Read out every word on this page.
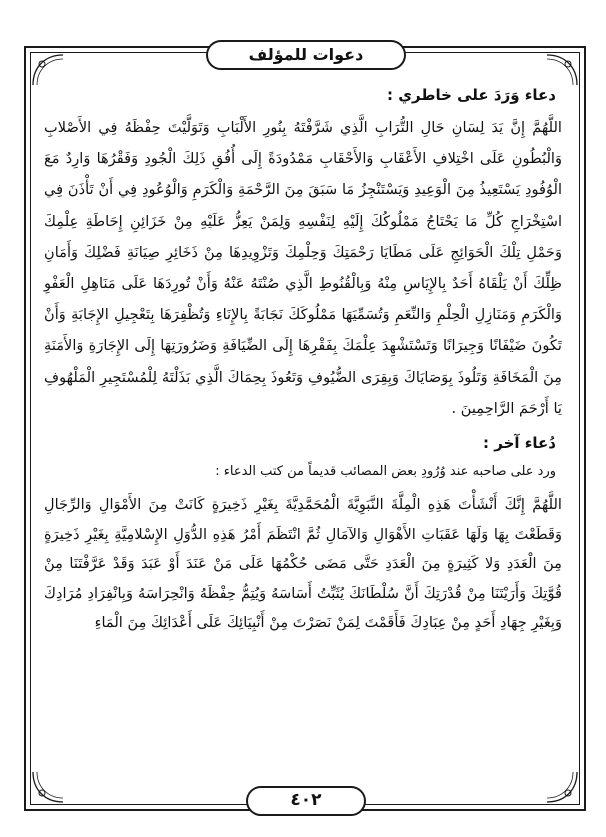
دعوات للمؤلف
دعاء وَرَدَ على خاطري :

اللَّهُمَّ إِنَّ يَدَ لِسَانِ حَالِ التُّرَابِ الَّذِي شَرَّفْتَهُ بِنُورِ الأَلْبَابِ وَتَوَلَّيْتَ حِفْظَهُ فِي الأَصْلابِ وَالْبُطُونِ عَلَى اخْتِلافِ الأَعْقَابِ وَالأَحْقَابِ مَمْدُودَةً إِلَى أُفُقِ ذَلِكَ الْجُودِ وَفَقْرُهَا وَارِدٌ مَعَ الْوُفُودِ يَسْتَعِيذُ مِنَ الْوَعِيدِ وَيَسْتَنْجِزُ مَا سَبَقَ مِنَ الرَّحْمَةِ وَالْكَرَمِ وَالْوُعُودِ فِي أَنْ تَأْذَنَ فِي اسْتِخْرَاجِ كُلِّ مَا يَحْتَاجُ مَمْلُوكُكَ إِلَيْهِ لِنَفْسِهِ وَلِمَنْ يَعِزُّ عَلَيْهِ مِنْ خَزَائِنِ إِحَاطَةِ عِلْمِكَ وَحَمْلِ تِلْكَ الْحَوَائِجِ عَلَى مَطَايَا رَحْمَتِكَ وَحِلْمِكَ وَتَزْوِيدِهَا مِنْ ذَخَائِرِ صِيَانَةِ فَضْلِكَ وَأَمَانِ ظِلِّكَ أَنْ يَلْقَاهُ أَحَدٌ بِالإِيَاسِ مِنْهُ وَبِالْقُنُوطِ الَّذِي صُنْتَهُ عَنْهُ وَأَنْ تُورِدَهَا عَلَى مَنَاهِلِ الْعَفْوِ وَالْكَرَمِ وَمَنَازِلِ الْحِلْمِ وَالنِّعَمِ وَتُسَمِّيَهَا مَمْلُوكَكَ نَجَابَةً بِالإِنَاءِ وَتُظْفِرَهَا بِتَعْجِيلِ الإِجَابَةِ وَأَنْ تَكُونَ ضَيْفَانًا وَجِيرَانًا وَتَسْتَشْهِدَ عِلْمَكَ بِفَقْرِهَا إِلَى الضِّيَافَةِ وَضَرُورَتِهَا إِلَى الإِجَارَةِ وَالأَمَنَةِ مِنَ الْمَخَافَةِ وَتَلُوذَ بِوَصَايَاكَ وَبِقِرَى الضُّيُوفِ وَتَعُوذَ بِحِمَاكَ الَّذِي بَذَلْتَهُ لِلْمُسْتَجِيرِ الْمَلْهُوفِ يَا أَرْحَمَ الرَّاحِمِينَ .

دُعاء آخر :
ورد على صاحبه عند وُرُودِ بعض المصائب قديماً من كتب الدعاء :

اللَّهُمَّ إِنَّكَ أَنْشَأْتَ هَذِهِ الْمِلَّةَ النَّبَوِيَّةَ الْمُحَمَّدِيَّةَ بِغَيْرِ ذَخِيرَةٍ كَانَتْ مِنَ الأَمْوَالِ وَالرِّجَالِ وَقَطَعْتَ بِهَا وَلَهَا عَقَبَاتِ الأَهْوَالِ وَالآمَالِ ثُمَّ انْتَظَمَ أَمْرُ هَذِهِ الدُّوَلِ الإِسْلامِيَّةِ بِغَيْرِ ذَخِيرَةٍ مِنَ الْعَدَدِ وَلا كَثِيرَةٍ مِنَ الْعَدَدِ حَتَّى مَضَى حُكْمُهَا عَلَى مَنْ عَنَدَ أَوْ عَبَدَ وَقَدْ عَرَّفْتَنَا مِنْ قُوَّتِكَ وَأَرَيْتَنَا مِنْ قُدْرَتِكَ أَنَّ سُلْطَانَكَ يُثَبِّتُ أَسَاسَهُ وَيُتِمُّ حِفْظَهُ وَانْحِرَاسَهُ وَبِانْفِرَادِ مُرَادِكَ وَبِغَيْرِ جِهَادِ أَحَدٍ مِنْ عِبَادِكَ فَأَقَمْتَ لِمَنْ نَصَرْتَ مِنْ أَنْبِيَائِكَ عَلَى أَعْدَائِكَ مِنَ الْمَاءِ

٤٠٢
